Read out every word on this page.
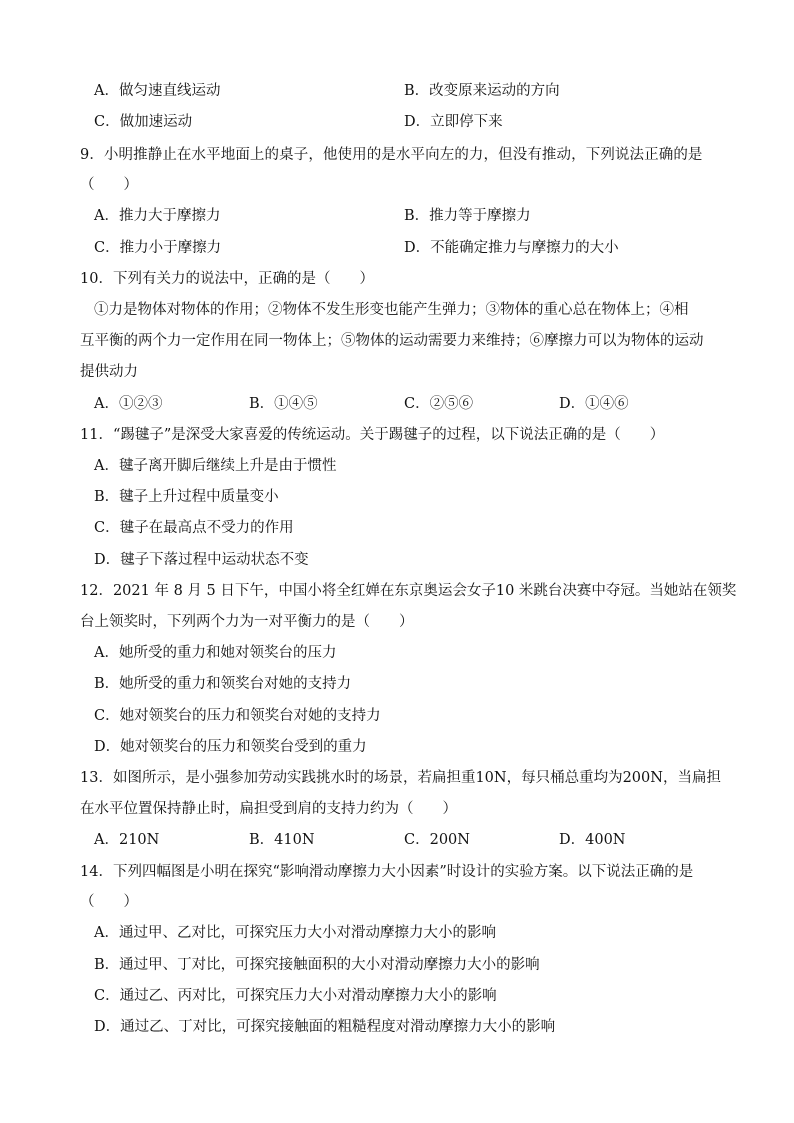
A．做匀速直线运动	B．改变原来运动的方向
C．做加速运动	D．立即停下来
9．小明推静止在水平地面上的桌子，他使用的是水平向左的力，但没有推动，下列说法正确的是
（　　）
A．推力大于摩擦力	B．推力等于摩擦力
C．推力小于摩擦力	D．不能确定推力与摩擦力的大小
10．下列有关力的说法中，正确的是（　　）
①力是物体对物体的作用；②物体不发生形变也能产生弹力；③物体的重心总在物体上；④相
互平衡的两个力一定作用在同一物体上；⑤物体的运动需要力来维持；⑥摩擦力可以为物体的运动
提供动力
A．①②③	B．①④⑤	C．②⑤⑥	D．①④⑥
11．“踢毽子”是深受大家喜爱的传统运动。关于踢毽子的过程，以下说法正确的是（　　）
A．毽子离开脚后继续上升是由于惯性
B．毽子上升过程中质量变小
C．毽子在最高点不受力的作用
D．毽子下落过程中运动状态不变
12．2021 年 8 月 5 日下午，中国小将全红婵在东京奥运会女子10 米跳台决赛中夺冠。当她站在领奖
台上领奖时，下列两个力为一对平衡力的是（　　）
A．她所受的重力和她对领奖台的压力
B．她所受的重力和领奖台对她的支持力
C．她对领奖台的压力和领奖台对她的支持力
D．她对领奖台的压力和领奖台受到的重力
13．如图所示，是小强参加劳动实践挑水时的场景，若扁担重10N，每只桶总重均为200N，当扁担
在水平位置保持静止时，扁担受到肩的支持力约为（　　）
A．210N	B．410N	C．200N	D．400N
14．下列四幅图是小明在探究“影响滑动摩擦力大小因素”时设计的实验方案。以下说法正确的是
（　　）
A．通过甲、乙对比，可探究压力大小对滑动摩擦力大小的影响
B．通过甲、丁对比，可探究接触面积的大小对滑动摩擦力大小的影响
C．通过乙、丙对比，可探究压力大小对滑动摩擦力大小的影响
D．通过乙、丁对比，可探究接触面的粗糙程度对滑动摩擦力大小的影响
